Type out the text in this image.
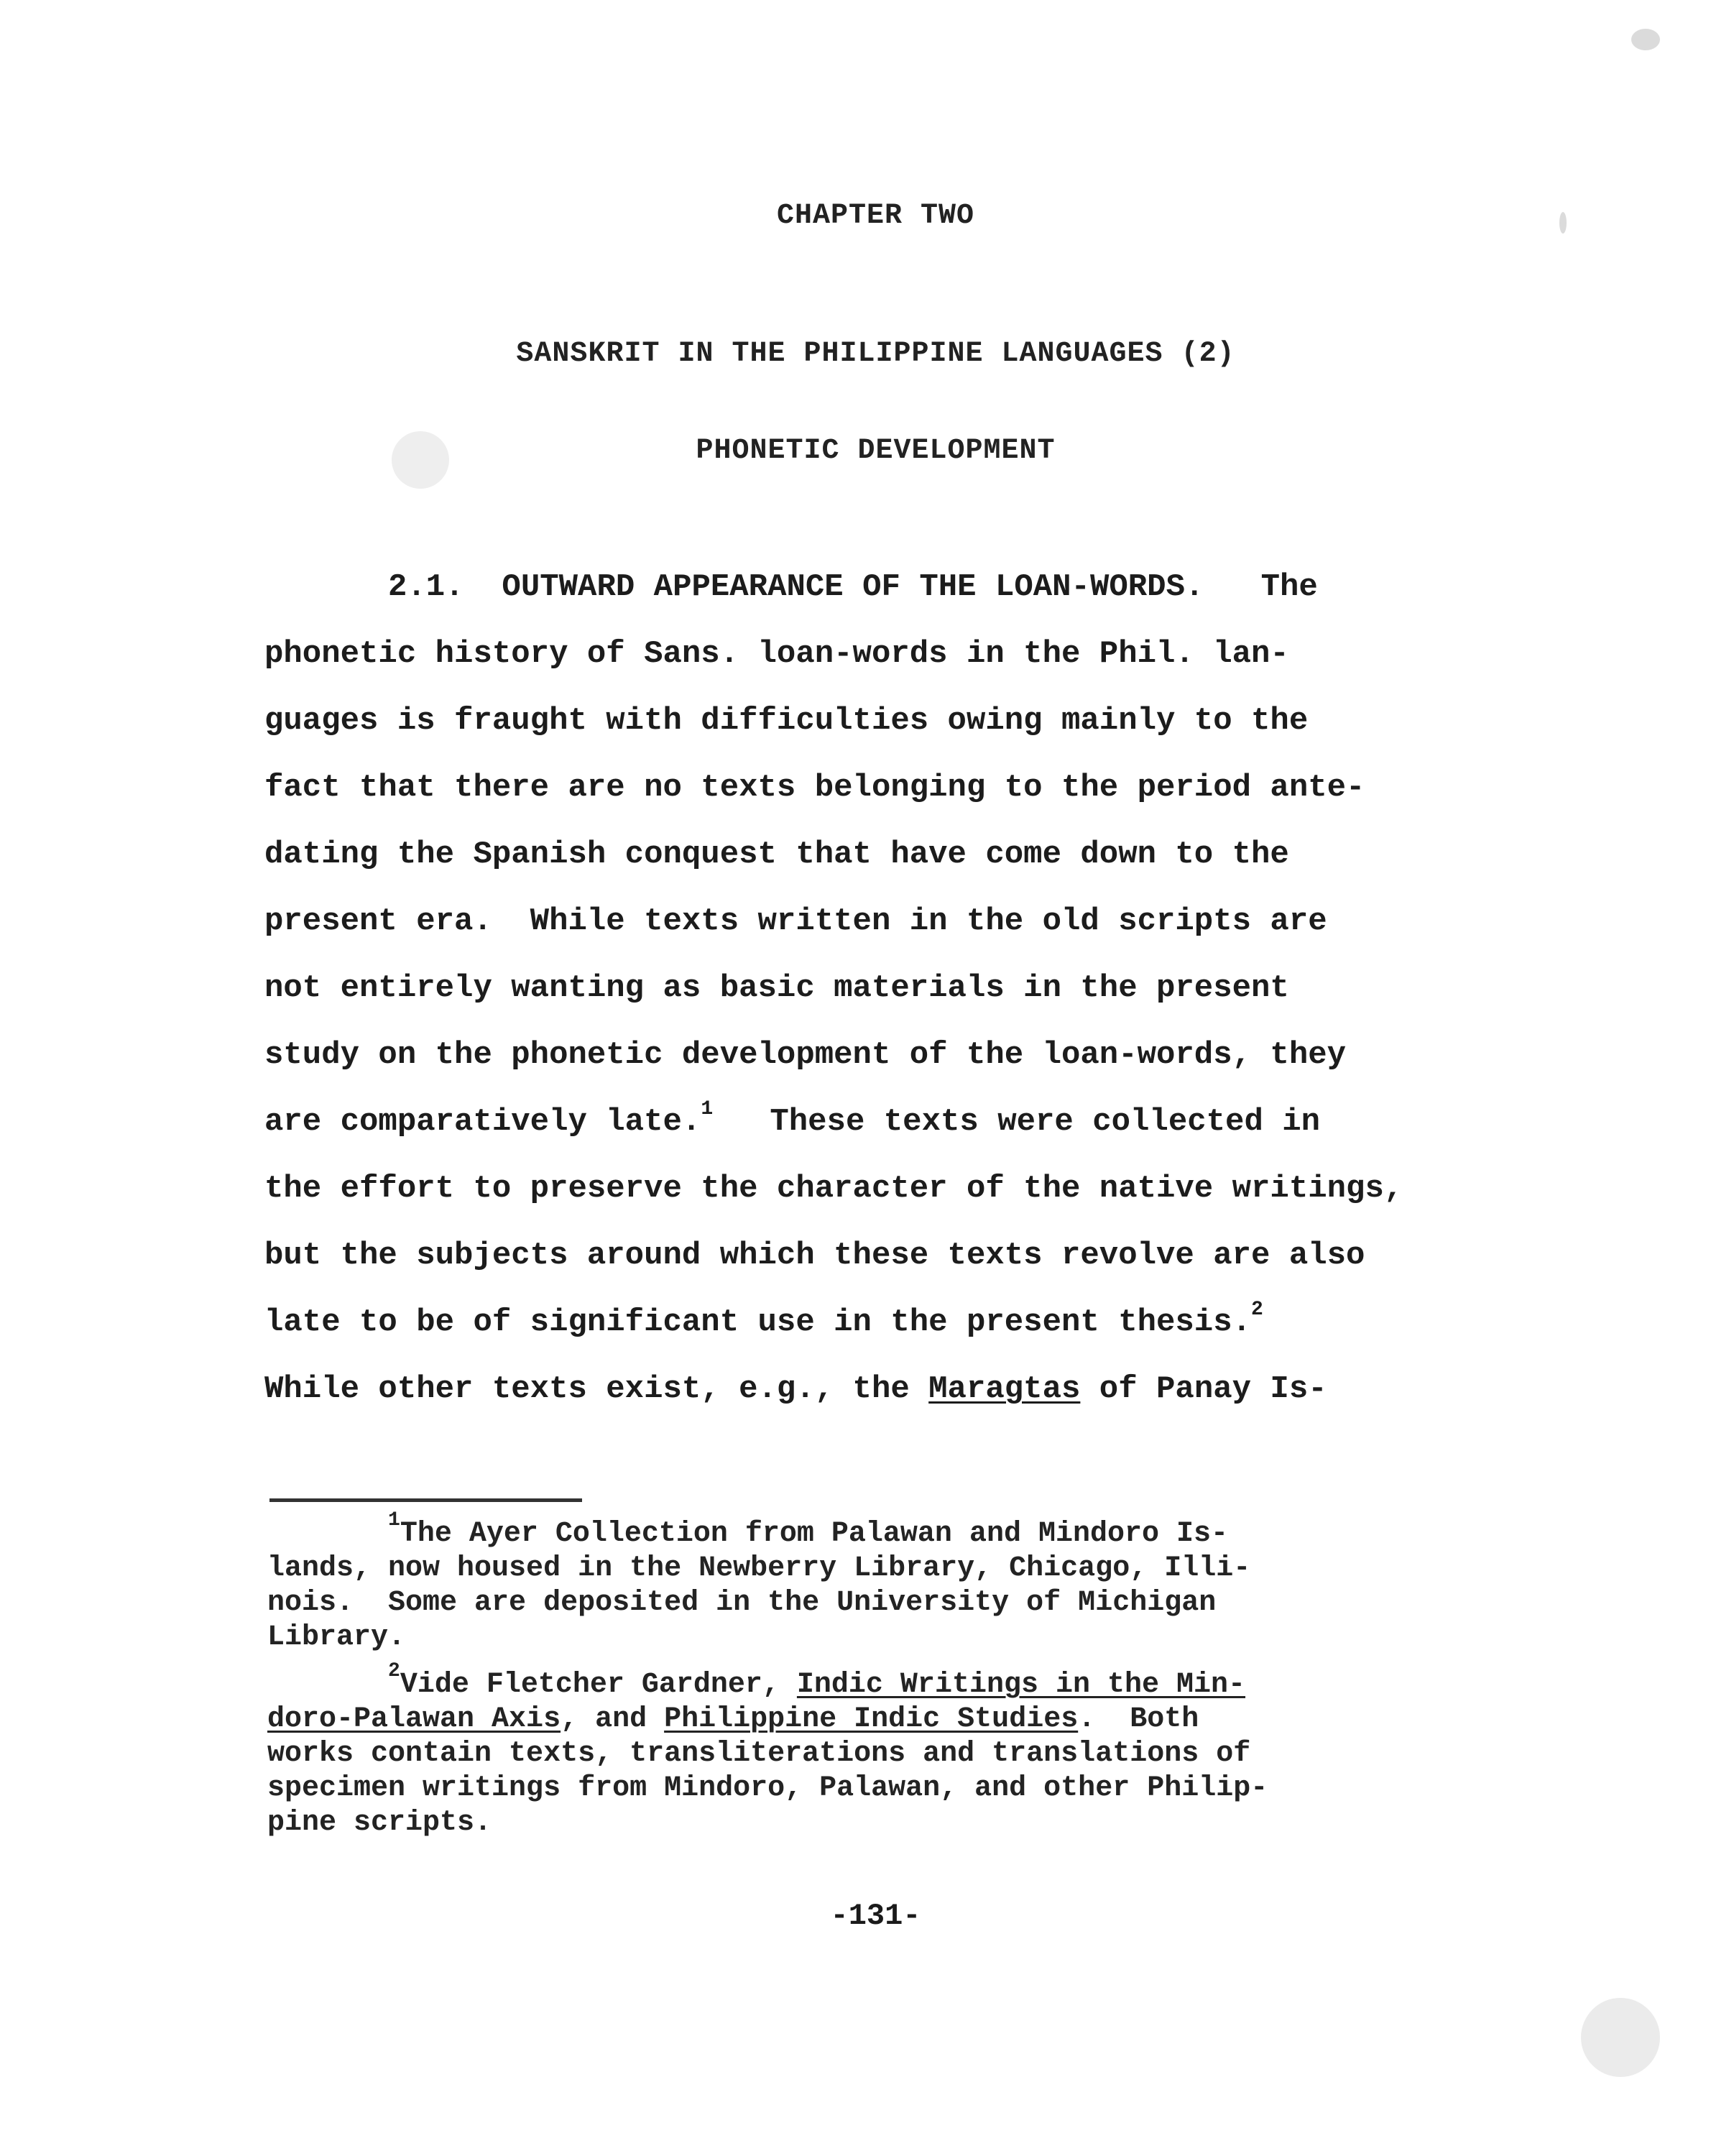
CHAPTER TWO
SANSKRIT IN THE PHILIPPINE LANGUAGES (2)
PHONETIC DEVELOPMENT
2.1.  OUTWARD APPEARANCE OF THE LOAN-WORDS.   The
phonetic history of Sans. loan-words in the Phil. lan-
guages is fraught with difficulties owing mainly to the
fact that there are no texts belonging to the period ante-
dating the Spanish conquest that have come down to the
present era.  While texts written in the old scripts are
not entirely wanting as basic materials in the present
study on the phonetic development of the loan-words, they
are comparatively late.$^1$   These texts were collected in
the effort to preserve the character of the native writings,
but the subjects around which these texts revolve are also
late to be of significant use in the present thesis.$^2$
While other texts exist, e.g., the Maragtas of Panay Is-
$^1$The Ayer Collection from Palawan and Mindoro Is-
lands, now housed in the Newberry Library, Chicago, Illi-
nois.  Some are deposited in the University of Michigan
Library.
$^2$Vide Fletcher Gardner, Indic Writings in the Min-
doro-Palawan Axis, and Philippine Indic Studies.  Both
works contain texts, transliterations and translations of
specimen writings from Mindoro, Palawan, and other Philip-
pine scripts.
-131-
